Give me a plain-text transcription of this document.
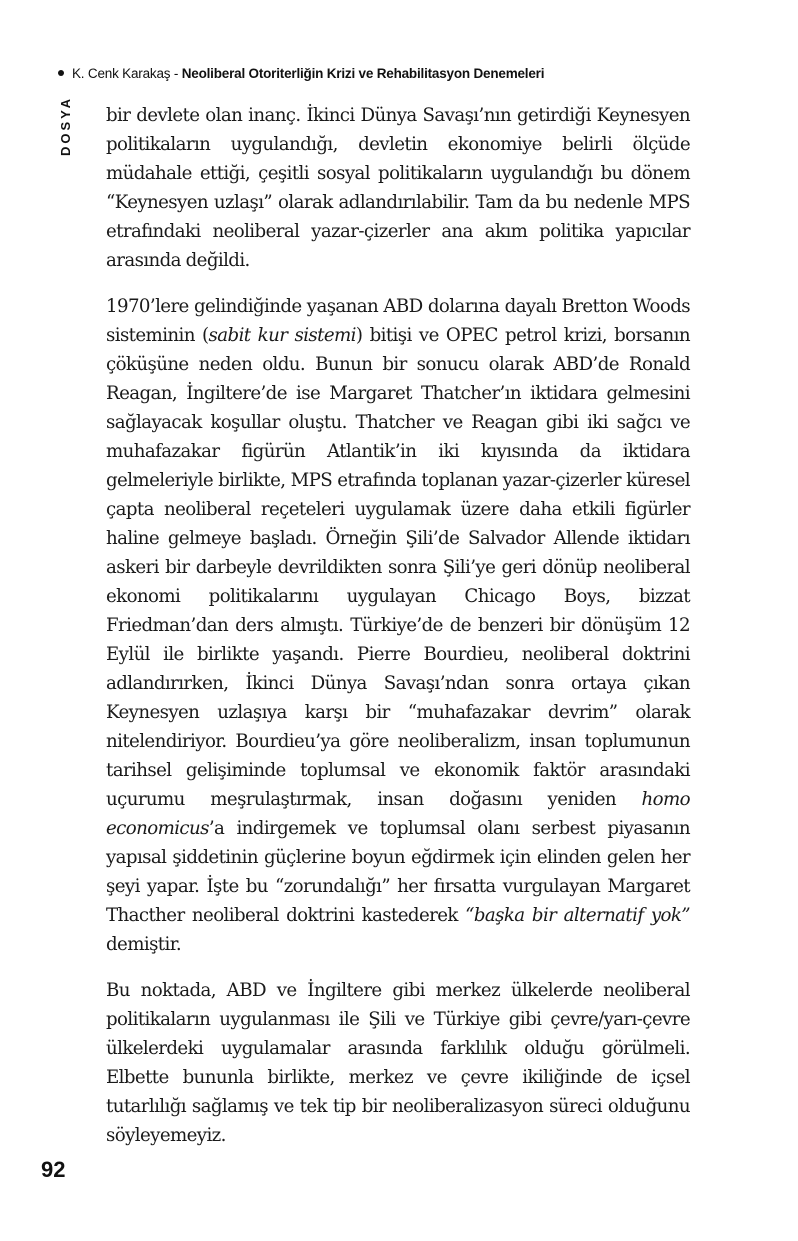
K. Cenk Karakaş - Neoliberal Otoriterliğin Krizi ve Rehabilitasyon Denemeleri
DOSYA bir devlete olan inanç. İkinci Dünya Savaşı’nın getirdiği Keynesyen politikaların uygulandığı, devletin ekonomiye belirli ölçüde müdahale ettiği, çeşitli sosyal politikaların uygulandığı bu dönem “Keynesyen uzlaşı” olarak adlandırılabilir. Tam da bu nedenle MPS etrafındaki neoliberal yazar-çizerler ana akım politika yapıcılar arasında değildi.

1970’lere gelindiğinde yaşanan ABD dolarına dayalı Bretton Woods sisteminin (sabit kur sistemi) bitişi ve OPEC petrol krizi, borsanın çöküşüne neden oldu. Bunun bir sonucu olarak ABD’de Ronald Reagan, İngiltere’de ise Margaret Thatcher’ın iktidara gelmesini sağlayacak koşullar oluştu. Thatcher ve Reagan gibi iki sağcı ve muhafazakar figürün Atlantik’in iki kıyısında da iktidara gelmeleriyle birlikte, MPS etrafında toplanan yazar-çizerler küresel çapta neoliberal reçeteleri uygulamak üzere daha etkili figürler haline gelmeye başladı. Örneğin Şili’de Salvador Allende iktidarı askeri bir darbeyle devrildikten sonra Şili’ye geri dönüp neoliberal ekonomi politikalarını uygulayan Chicago Boys, bizzat Friedman’dan ders almıştı. Türkiye’de de benzeri bir dönüşüm 12 Eylül ile birlikte yaşandı. Pierre Bourdieu, neoliberal doktrini adlandırırken, İkinci Dünya Savaşı’ndan sonra ortaya çıkan Keynesyen uzlaşıya karşı bir “muhafazakar devrim” olarak nitelendiriyor. Bourdieu’ya göre neoliberalizm, insan toplumunun tarihsel gelişiminde toplumsal ve ekonomik faktör arasındaki uçurumu meşrulaştırmak, insan doğasını yeniden homo economicus’a indirgemek ve toplumsal olanı serbest piyasanın yapısal şiddetinin güçlerine boyun eğdirmek için elinden gelen her şeyi yapar. İşte bu “zorundalığı” her fırsatta vurgulayan Margaret Thacther neoliberal doktrini kastederek “başka bir alternatif yok” demiştir.

Bu noktada, ABD ve İngiltere gibi merkez ülkelerde neoliberal politikaların uygulanması ile Şili ve Türkiye gibi çevre/yarı-çevre ülkelerdeki uygulamalar arasında farklılık olduğu görülmeli. Elbette bununla birlikte, merkez ve çevre ikiliğinde de içsel tutarlılığı sağlamış ve tek tip bir neoliberalizasyon süreci olduğunu söyleyemeyiz.

92
